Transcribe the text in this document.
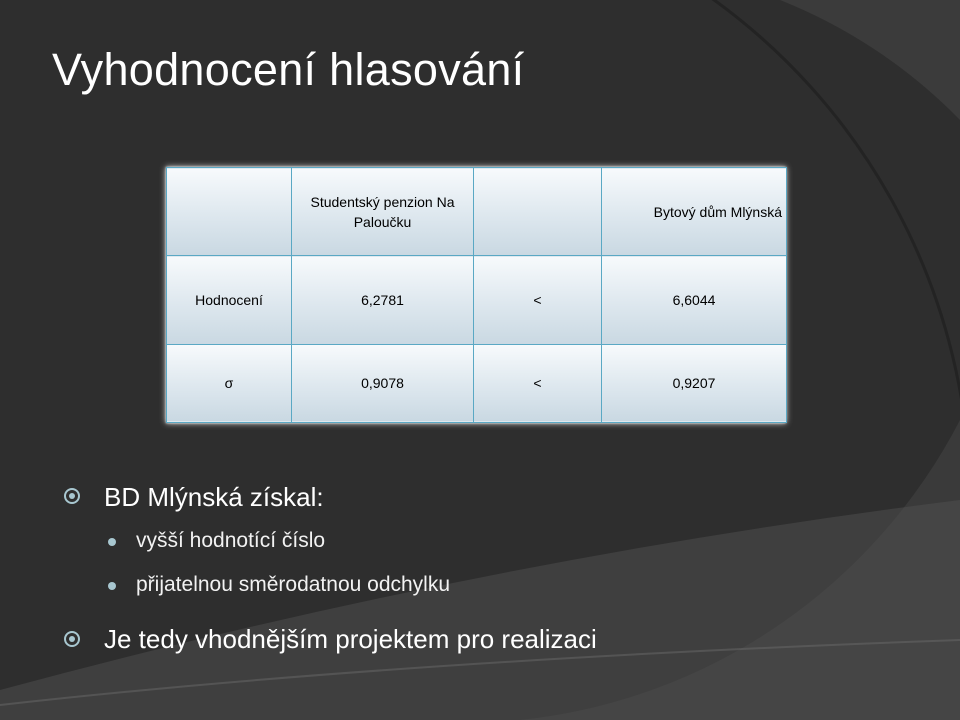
Vyhodnocení hlasování
	Studentský penzion Na Paloučku		Bytový dům Mlýnská
Hodnocení	6,2781	<	6,6044
σ	0,9078	<	0,9207
BD Mlýnská získal:
vyšší hodnotící číslo
přijatelnou směrodatnou odchylku
Je tedy vhodnějším projektem pro realizaci
